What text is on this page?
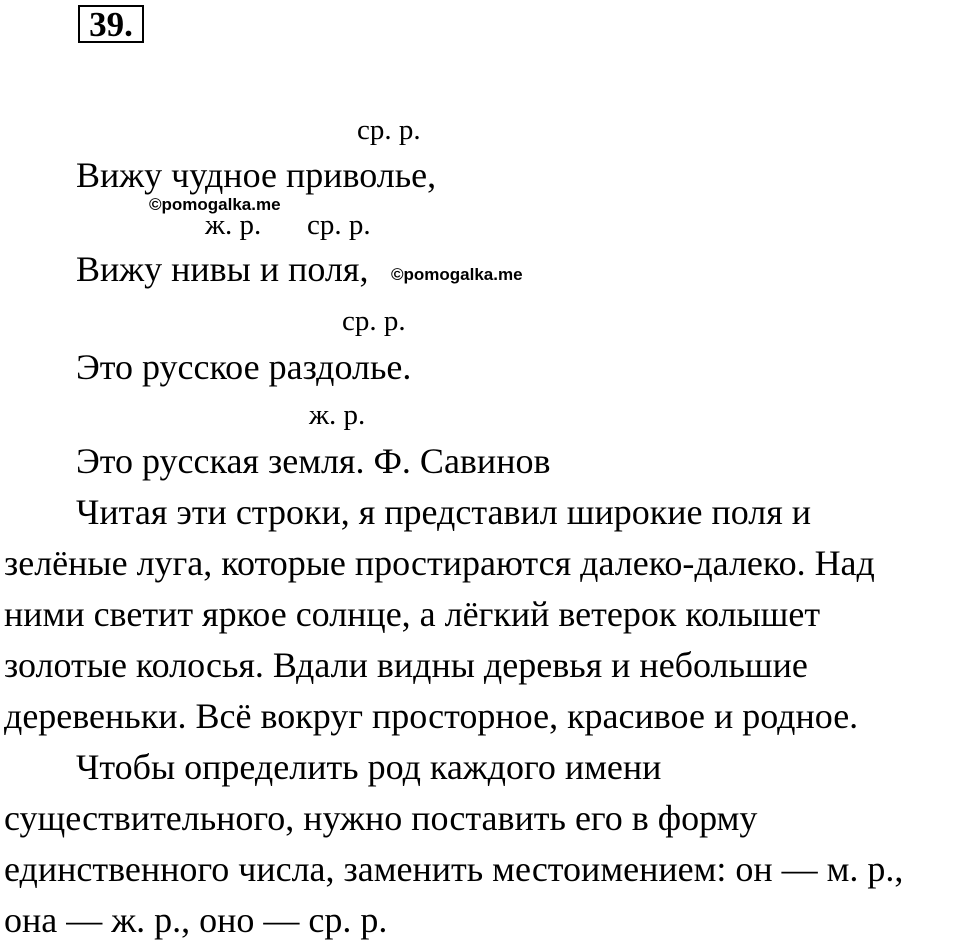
39.
ср. р.
Вижу чудное приволье,
©pomogalka.me
ж. р. ср. р.
Вижу нивы и поля, ©pomogalka.me
ср. р.
Это русское раздолье.
ж. р.
Это русская земля. Ф. Савинов
Читая эти строки, я представил широкие поля и
зелёные луга, которые простираются далеко-далеко. Над
ними светит яркое солнце, а лёгкий ветерок колышет
золотые колосья. Вдали видны деревья и небольшие
деревеньки. Всё вокруг просторное, красивое и родное.
Чтобы определить род каждого имени
существительного, нужно поставить его в форму
единственного числа, заменить местоимением: он — м. р.,
она — ж. р., оно — ср. р.
